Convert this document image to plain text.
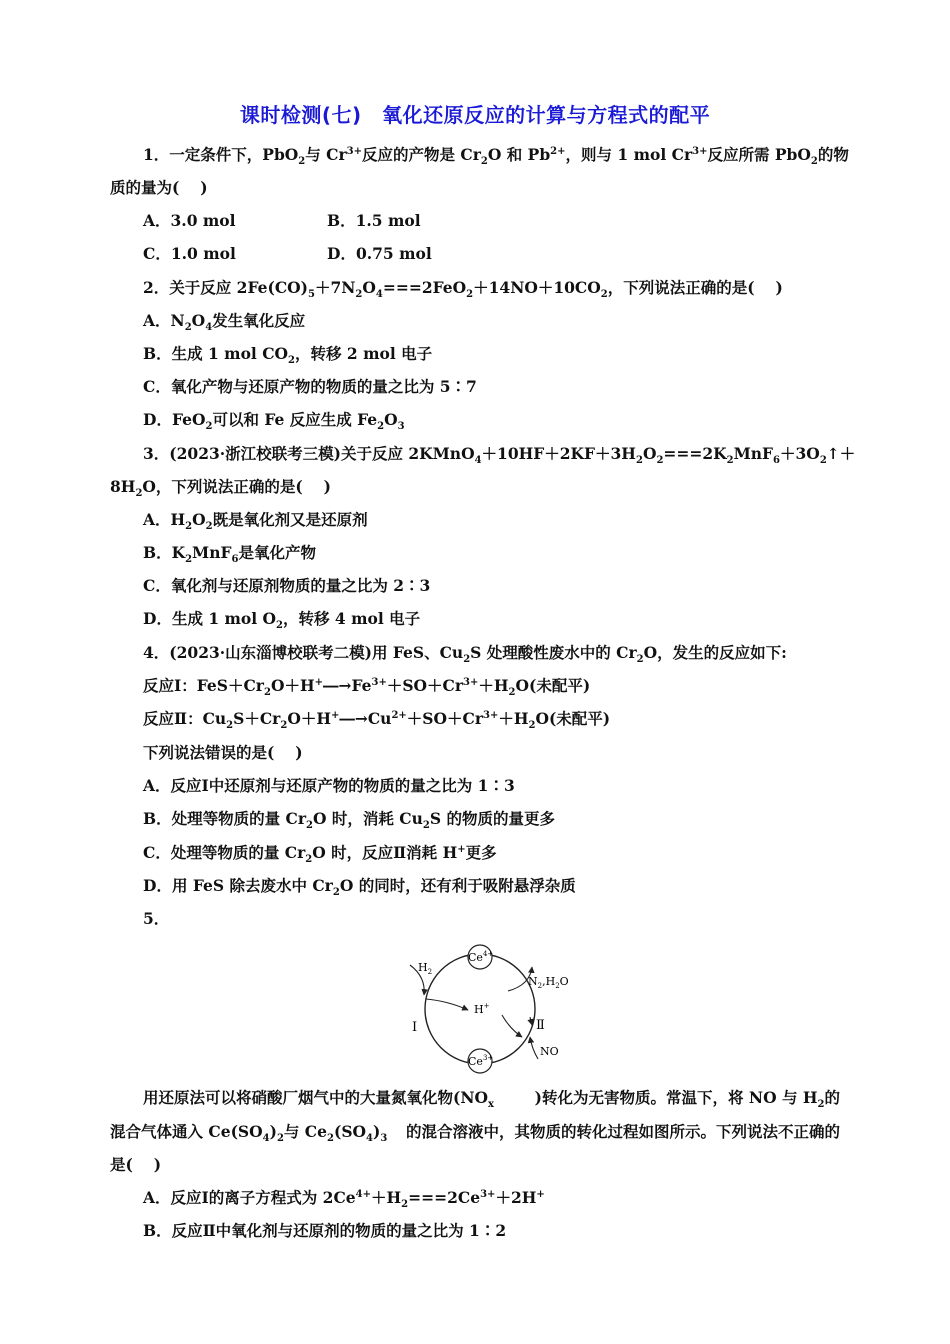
课时检测(七)　氧化还原反应的计算与方程式的配平
1．一定条件下，PbO$_2$与 $Cr^{3+}$反应的产物是 $Cr_2O$ 和 $Pb^{2+}$，则与 1 mol $Cr^{3+}$反应所需 PbO$_2$的物
质的量为(　 )
A．3.0 mol	B．1.5 mol
C．1.0 mol	D．0.75 mol
2．关于反应 $2Fe(CO)_5+7N_2O_4===2FeO_2+14NO+10CO_2$，下列说法正确的是(　 )
A．$N_2O_4$发生氧化反应
B．生成 1 mol $CO_2$，转移 2 mol 电子
C．氧化产物与还原产物的物质的量之比为 5∶7
D．FeO$_2$可以和 Fe 反应生成 $Fe_2O_3$
3．(2023·浙江校联考三模)关于反应 2KMnO$_4$ $+10HF+2KF+3H_2O_2===2K_2MnF_6+3O_2↑+$
$8H_2O$，下列说法正确的是(　 )
A．$H_2O_2$既是氧化剂又是还原剂
B．$K_2MnF_6$是氧化产物
C．氧化剂与还原剂物质的量之比为 2∶3
D．生成 1 mol $O_2$，转移 4 mol 电子
4．(2023·山东淄博校联考二模)用 FeS、$Cu_2S$ 处理酸性废水中的 $Cr_2O$，发生的反应如下:
反应Ⅰ：$FeS+Cr_2O+H^+―\to Fe^{3+}+SO+Cr^{3+}+H_2O$(未配平)
反应Ⅱ：$Cu_2S+Cr_2O+H^+―\to Cu^{2+}+SO+Cr^{3+}+H_2O$(未配平)
下列说法错误的是(　 )
A．反应Ⅰ中还原剂与还原产物的物质的量之比为 1∶3
B．处理等物质的量 $Cr_2O$ 时，消耗 $Cu_2S$ 的物质的量更多
C．处理等物质的量 $Cr_2O$ 时，反应Ⅱ消耗 H+更多
D．用 FeS 除去废水中 $Cr_2O$ 的同时，还有利于吸附悬浮杂质
5．
$Ce^{4+}$
$Ce^{3+}$
$H_2$
H+
$N_2,H_2O$
NO
Ⅰ	Ⅱ
用还原法可以将硝酸厂烟气中的大量氮氧化物($NO_x$	)转化为无害物质。常温下，将 NO 与 $H_2$的
混合气体通入 $Ce(SO_4)_2$与 $Ce_2(SO_4)_3$ 的混合溶液中，其物质的转化过程如图所示。下列说法不正确的
是(　 )
A．反应Ⅰ的离子方程式为 $2Ce^{4+}+H_2===2Ce^{3+}+2H^+$
B．反应Ⅱ中氧化剂与还原剂的物质的量之比为 1∶2
